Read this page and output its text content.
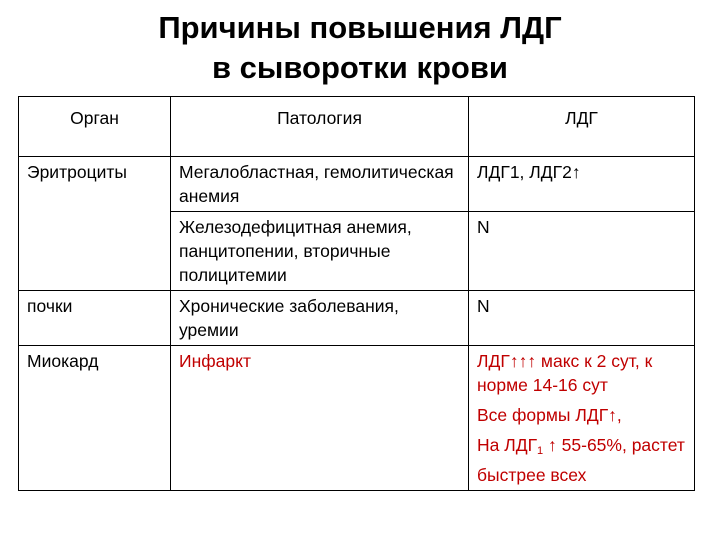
Причины повышения ЛДГ
в сыворотки крови
Орган	Патология	ЛДГ
Эритроциты	Мегалобластная, гемолитическая анемия	ЛДГ1, ЛДГ2↑
	Железодефицитная анемия, панцитопении, вторичные полицитемии	N
почки	Хронические заболевания, уремии	N
Миокард	Инфаркт	ЛДГ↑↑↑ макс к 2 сут, к норме 14-16 сут

Все формы ЛДГ↑,

На $ЛДГ_1$ ↑ 55-65%, растет быстрее всех
